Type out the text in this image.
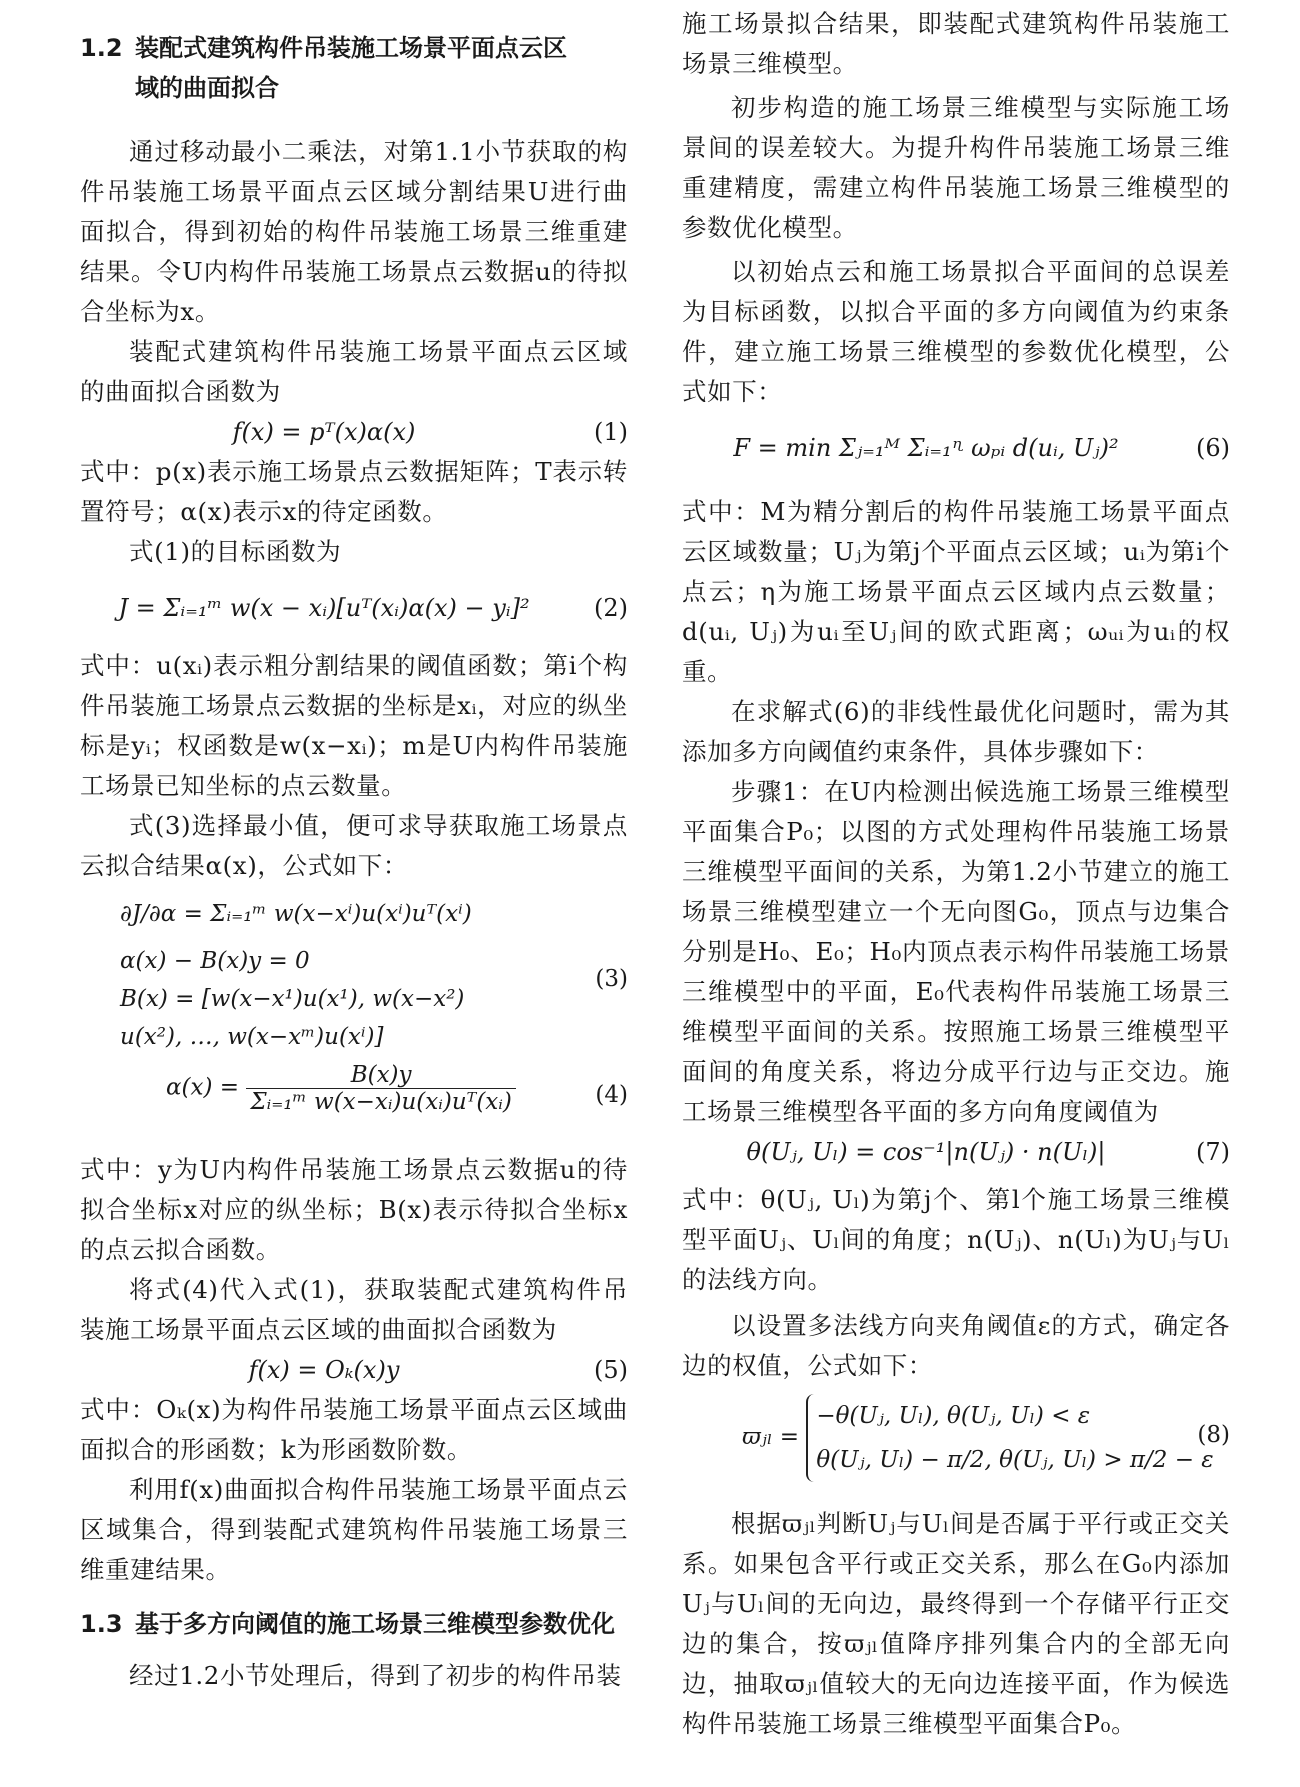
1.2 装配式建筑构件吊装施工场景平面点云区
域的曲面拟合

通过移动最小二乘法，对第1.1小节获取的构件吊装施工场景平面点云区域分割结果U进行曲面拟合，得到初始的构件吊装施工场景三维重建结果。令U内构件吊装施工场景点云数据u的待拟合坐标为x。

装配式建筑构件吊装施工场景平面点云区域的曲面拟合函数为

f(x) = pᵀ(x)α(x)	(1)

式中：p(x)表示施工场景点云数据矩阵；T表示转置符号；α(x)表示x的待定函数。

式(1)的目标函数为

J = Σᵢ₌₁ᵐ w(x − xᵢ)[uᵀ(xᵢ)α(x) − yᵢ]²	(2)

式中：u(xᵢ)表示粗分割结果的阈值函数；第i个构件吊装施工场景点云数据的坐标是xᵢ，对应的纵坐标是yᵢ；权函数是w(x−xᵢ)；m是U内构件吊装施工场景已知坐标的点云数量。

式(3)选择最小值，便可求导获取施工场景点云拟合结果α(x)，公式如下：

∂J/∂α = Σᵢ₌₁ᵐ w(x−xⁱ)u(xⁱ)uᵀ(xⁱ)
α(x) − B(x)y = 0
B(x) = [w(x−x¹)u(x¹), w(x−x²)
u(x²), …, w(x−xᵐ)u(xⁱ)]
(3)
$\alpha(x) = \frac{B(x)y}{\text{Σᵢ₌₁ᵐ w(x−xᵢ)u(xᵢ)uᵀ(xᵢ)}}$	(4)

式中：y为U内构件吊装施工场景点云数据u的待拟合坐标x对应的纵坐标；B(x)表示待拟合坐标x的点云拟合函数。

将式(4)代入式(1)，获取装配式建筑构件吊装施工场景平面点云区域的曲面拟合函数为

f(x) = Oₖ(x)y	(5)

式中：Oₖ(x)为构件吊装施工场景平面点云区域曲面拟合的形函数；k为形函数阶数。

利用f(x)曲面拟合构件吊装施工场景平面点云区域集合，得到装配式建筑构件吊装施工场景三维重建结果。

1.3 基于多方向阈值的施工场景三维模型参数优化

经过1.2小节处理后，得到了初步的构件吊装

施工场景拟合结果，即装配式建筑构件吊装施工场景三维模型。

初步构造的施工场景三维模型与实际施工场景间的误差较大。为提升构件吊装施工场景三维重建精度，需建立构件吊装施工场景三维模型的参数优化模型。

以初始点云和施工场景拟合平面间的总误差为目标函数，以拟合平面的多方向阈值为约束条件，建立施工场景三维模型的参数优化模型，公式如下：

F = min Σⱼ₌₁ᴹ Σᵢ₌₁ᶯ ωₚᵢ d(uᵢ, Uⱼ)²	(6)

式中：M为精分割后的构件吊装施工场景平面点云区域数量；Uⱼ为第j个平面点云区域；uᵢ为第i个点云；η为施工场景平面点云区域内点云数量；d(uᵢ, Uⱼ)为uᵢ至Uⱼ间的欧式距离；ωᵤᵢ为uᵢ的权重。

在求解式(6)的非线性最优化问题时，需为其添加多方向阈值约束条件，具体步骤如下：

步骤1：在U内检测出候选施工场景三维模型平面集合P₀；以图的方式处理构件吊装施工场景三维模型平面间的关系，为第1.2小节建立的施工场景三维模型建立一个无向图G₀，顶点与边集合分别是H₀、E₀；H₀内顶点表示构件吊装施工场景三维模型中的平面，E₀代表构件吊装施工场景三维模型平面间的关系。按照施工场景三维模型平面间的角度关系，将边分成平行边与正交边。施工场景三维模型各平面的多方向角度阈值为

θ(Uⱼ, Uₗ) = cos⁻¹|n(Uⱼ) · n(Uₗ)|	(7)

式中：θ(Uⱼ, Uₗ)为第j个、第l个施工场景三维模型平面Uⱼ、Uₗ间的角度；n(Uⱼ)、n(Uₗ)为Uⱼ与Uₗ的法线方向。

以设置多法线方向夹角阈值ε的方式，确定各边的权值，公式如下：

ϖⱼₗ =
−θ(Uⱼ, Uₗ), θ(Uⱼ, Uₗ) < ε
θ(Uⱼ, Uₗ) − π/2, θ(Uⱼ, Uₗ) > π/2 − ε
(8)

根据ϖⱼₗ判断Uⱼ与Uₗ间是否属于平行或正交关系。如果包含平行或正交关系，那么在G₀内添加Uⱼ与Uₗ间的无向边，最终得到一个存储平行正交边的集合，按ϖⱼₗ值降序排列集合内的全部无向边，抽取ϖⱼₗ值较大的无向边连接平面，作为候选构件吊装施工场景三维模型平面集合P₀。
